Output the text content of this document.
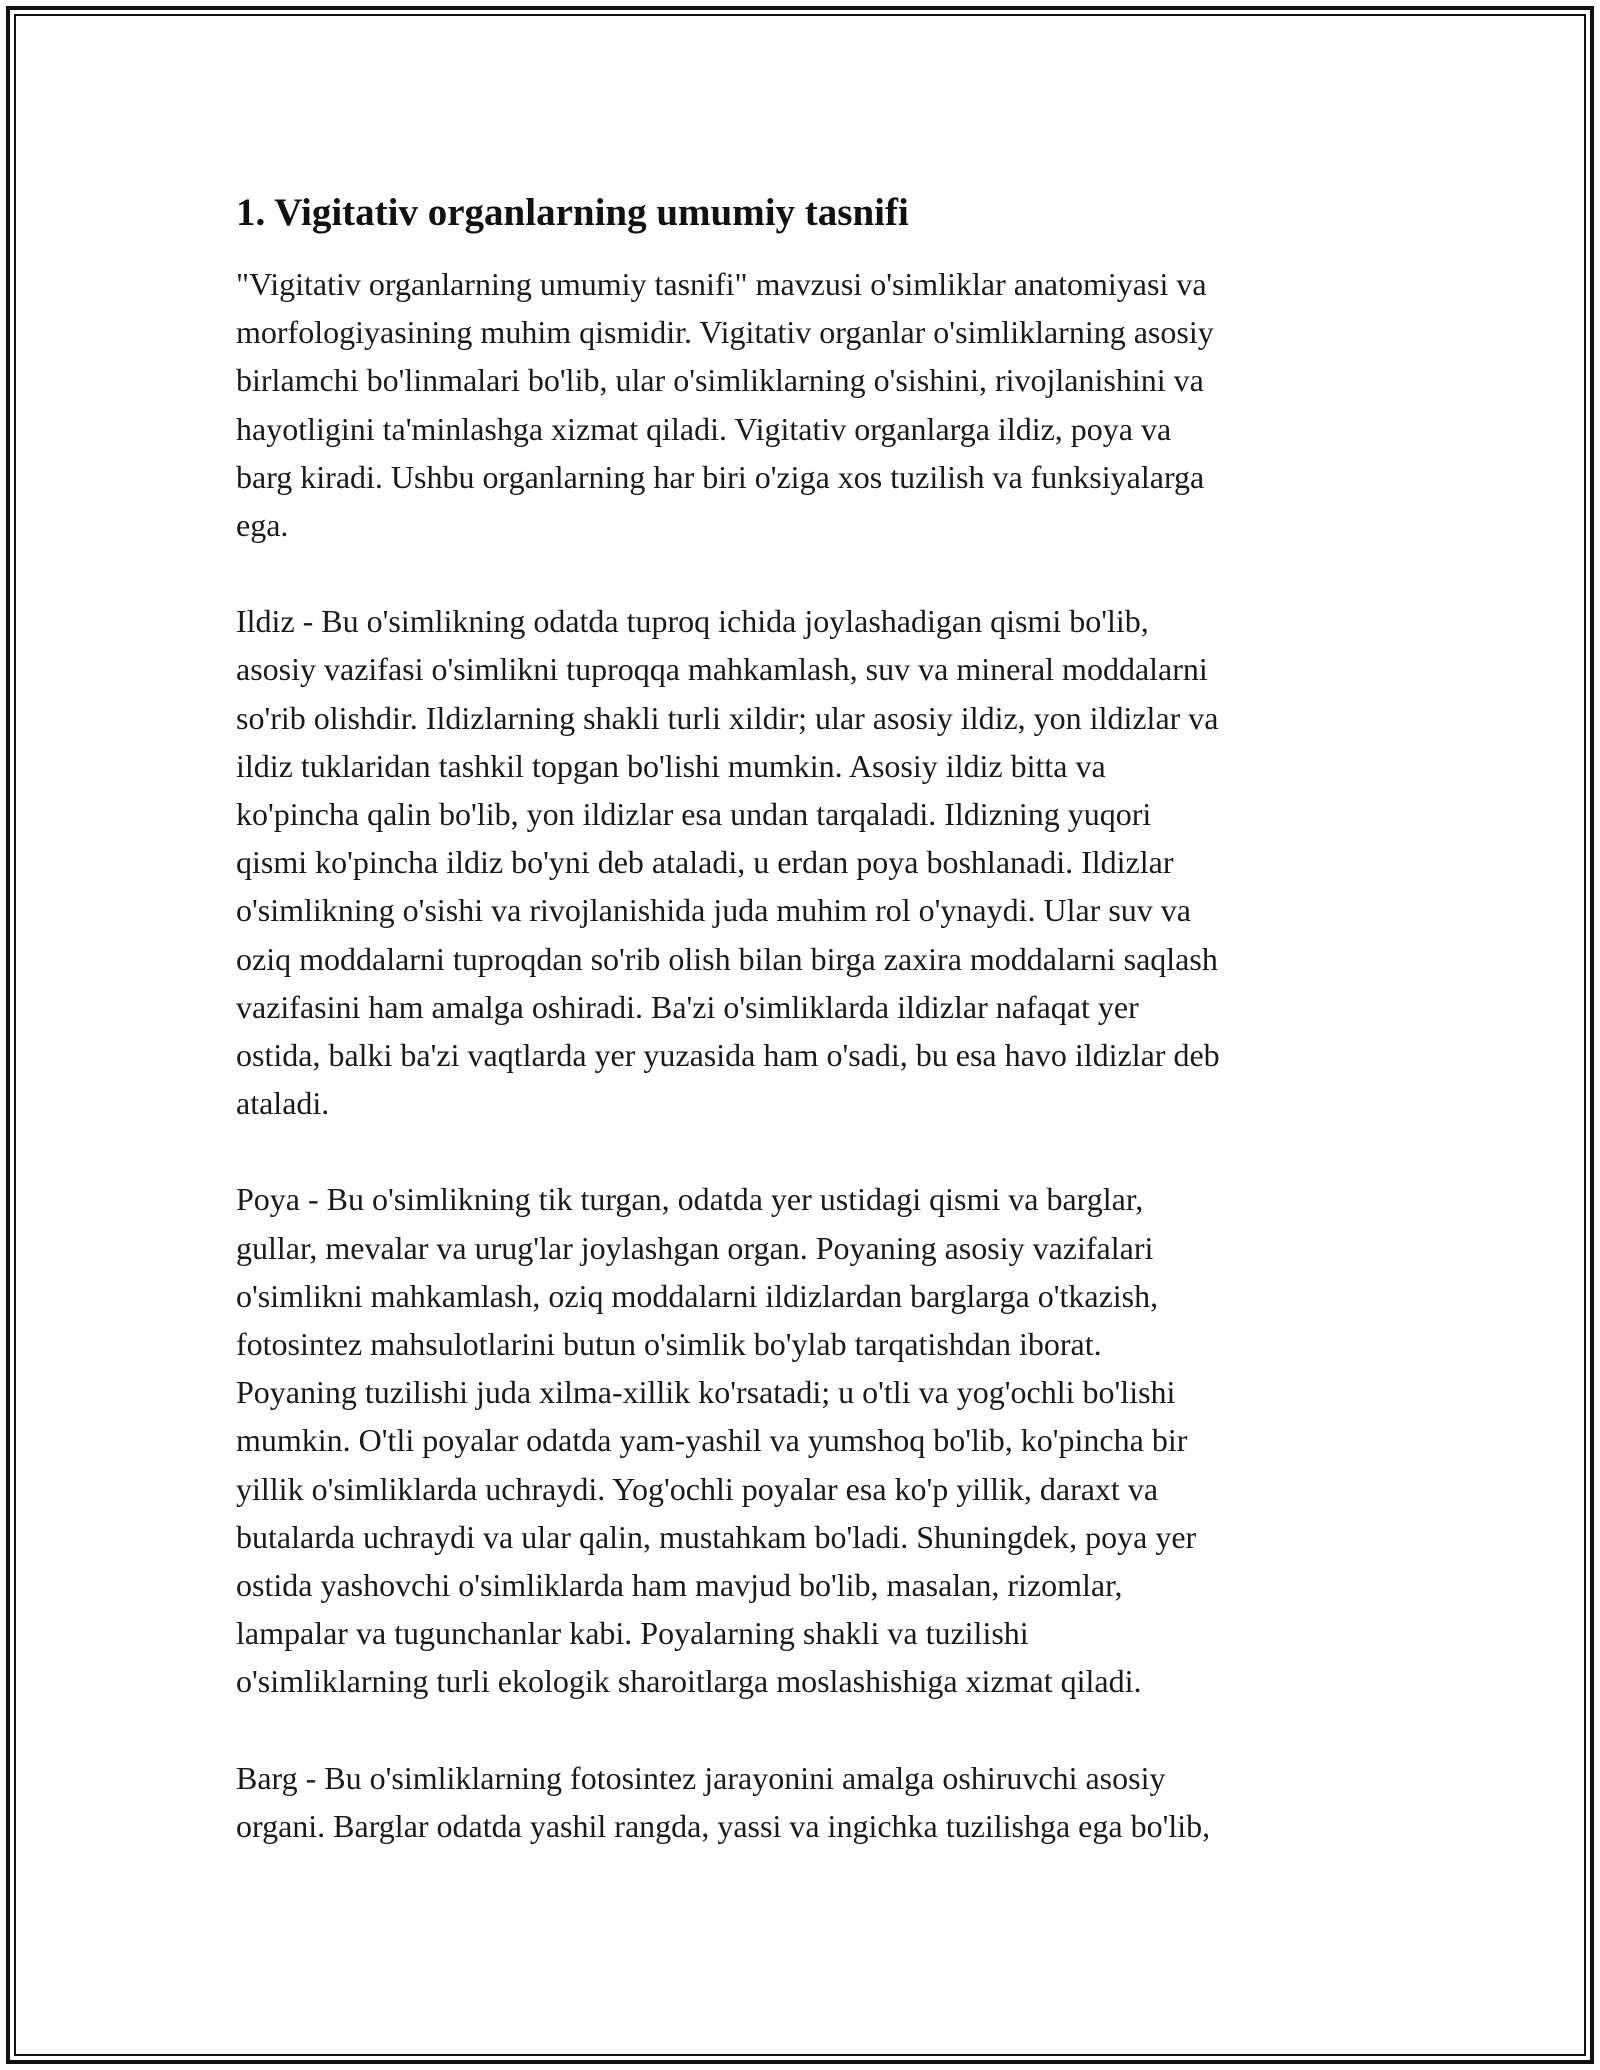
1. Vigitativ organlarning umumiy tasnifi

"Vigitativ organlarning umumiy tasnifi" mavzusi o'simliklar anatomiyasi va
morfologiyasining muhim qismidir. Vigitativ organlar o'simliklarning asosiy
birlamchi bo'linmalari bo'lib, ular o'simliklarning o'sishini, rivojlanishini va
hayotligini ta'minlashga xizmat qiladi. Vigitativ organlarga ildiz, poya va
barg kiradi. Ushbu organlarning har biri o'ziga xos tuzilish va funksiyalarga
ega.

Ildiz - Bu o'simlikning odatda tuproq ichida joylashadigan qismi bo'lib,
asosiy vazifasi o'simlikni tuproqqa mahkamlash, suv va mineral moddalarni
so'rib olishdir. Ildizlarning shakli turli xildir; ular asosiy ildiz, yon ildizlar va
ildiz tuklaridan tashkil topgan bo'lishi mumkin. Asosiy ildiz bitta va
ko'pincha qalin bo'lib, yon ildizlar esa undan tarqaladi. Ildizning yuqori
qismi ko'pincha ildiz bo'yni deb ataladi, u erdan poya boshlanadi. Ildizlar
o'simlikning o'sishi va rivojlanishida juda muhim rol o'ynaydi. Ular suv va
oziq moddalarni tuproqdan so'rib olish bilan birga zaxira moddalarni saqlash
vazifasini ham amalga oshiradi. Ba'zi o'simliklarda ildizlar nafaqat yer
ostida, balki ba'zi vaqtlarda yer yuzasida ham o'sadi, bu esa havo ildizlar deb
ataladi.

Poya - Bu o'simlikning tik turgan, odatda yer ustidagi qismi va barglar,
gullar, mevalar va urug'lar joylashgan organ. Poyaning asosiy vazifalari
o'simlikni mahkamlash, oziq moddalarni ildizlardan barglarga o'tkazish,
fotosintez mahsulotlarini butun o'simlik bo'ylab tarqatishdan iborat.
Poyaning tuzilishi juda xilma-xillik ko'rsatadi; u o'tli va yog'ochli bo'lishi
mumkin. O'tli poyalar odatda yam-yashil va yumshoq bo'lib, ko'pincha bir
yillik o'simliklarda uchraydi. Yog'ochli poyalar esa ko'p yillik, daraxt va
butalarda uchraydi va ular qalin, mustahkam bo'ladi. Shuningdek, poya yer
ostida yashovchi o'simliklarda ham mavjud bo'lib, masalan, rizomlar,
lampalar va tugunchanlar kabi. Poyalarning shakli va tuzilishi
o'simliklarning turli ekologik sharoitlarga moslashishiga xizmat qiladi.

Barg - Bu o'simliklarning fotosintez jarayonini amalga oshiruvchi asosiy
organi. Barglar odatda yashil rangda, yassi va ingichka tuzilishga ega bo'lib,
